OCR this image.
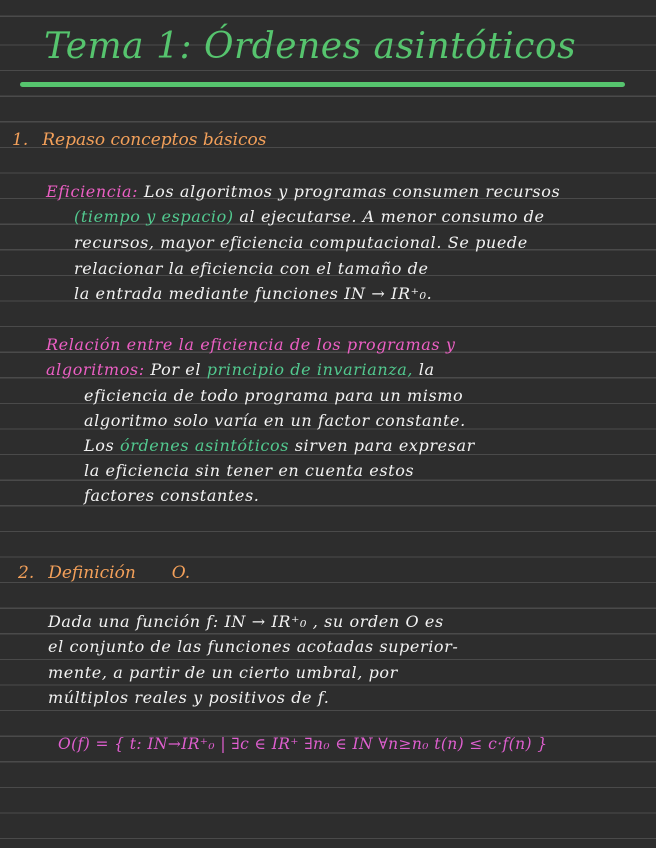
Tema 1: Órdenes asintóticos
1. Repaso conceptos básicos
Eficiencia: Los algoritmos y programas consumen recursos
(tiempo y espacio) al ejecutarse. A menor consumo de
recursos, mayor eficiencia computacional. Se puede
relacionar la eficiencia con el tamaño de
la entrada mediante funciones IN → IR⁺₀.
Relación entre la eficiencia de los programas y
algoritmos: Por el principio de invarianza, la
eficiencia de todo programa para un mismo
algoritmo solo varía en un factor constante.
Los órdenes asintóticos sirven para expresar
la eficiencia sin tener en cuenta estos
factores constantes.
2. Definición O.
Dada una función f: IN → IR⁺₀ , su orden O es
el conjunto de las funciones acotadas superior-
mente, a partir de un cierto umbral, por
múltiplos reales y positivos de f.
O(f) = { t: IN→IR⁺₀ | ∃c ∈ IR⁺ ∃n₀ ∈ IN ∀n≥n₀ t(n) ≤ c·f(n) }
